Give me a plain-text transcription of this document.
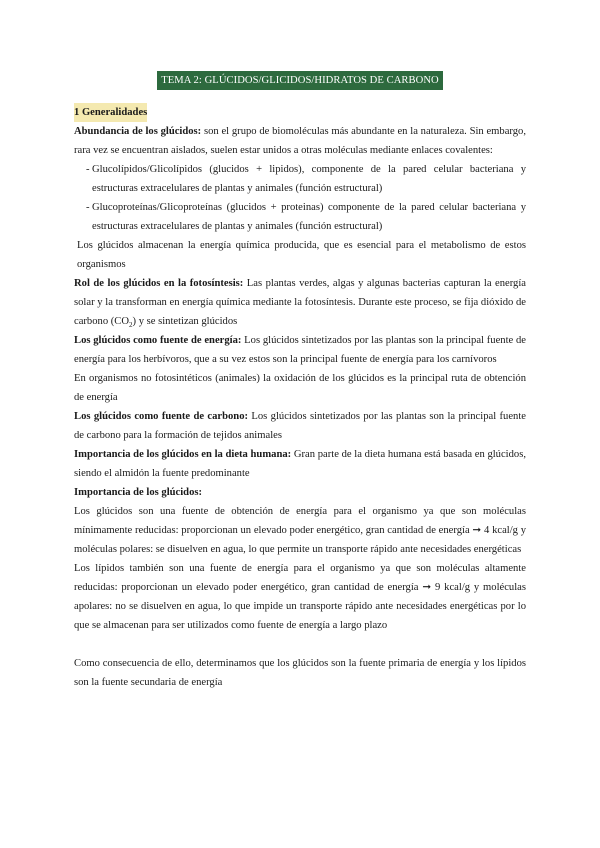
TEMA 2: GLÚCIDOS/GLICIDOS/HIDRATOS DE CARBONO
1 Generalidades

Abundancia de los glúcidos: son el grupo de biomoléculas más abundante en la naturaleza. Sin embargo, rara vez se encuentran aislados, suelen estar unidos a otras moléculas mediante enlaces covalentes:

- Glucolípidos/Glicolípidos (glucidos + lipidos), componente de la pared celular bacteriana y estructuras extracelulares de plantas y animales (función estructural)
- Glucoproteínas/Glicoproteínas (glucidos + proteinas) componente de la pared celular bacteriana y estructuras extracelulares de plantas y animales (función estructural)

Los glúcidos almacenan la energía química producida, que es esencial para el metabolismo de estos organismos

Rol de los glúcidos en la fotosíntesis: Las plantas verdes, algas y algunas bacterias capturan la energía solar y la transforman en energía química mediante la fotosíntesis. Durante este proceso, se fija dióxido de carbono $(CO_2)$ y se sintetizan glúcidos

Los glúcidos como fuente de energía: Los glúcidos sintetizados por las plantas son la principal fuente de energía para los herbívoros, que a su vez estos son la principal fuente de energía para los carnívoros

En organismos no fotosintéticos (animales) la oxidación de los glúcidos es la principal ruta de obtención de energía

Los glúcidos como fuente de carbono: Los glúcidos sintetizados por las plantas son la principal fuente de carbono para la formación de tejidos animales

Importancia de los glúcidos en la dieta humana: Gran parte de la dieta humana está basada en glúcidos, siendo el almidón la fuente predominante

Importancia de los glúcidos:

Los glúcidos son una fuente de obtención de energía para el organismo ya que son moléculas mínimamente reducidas: proporcionan un elevado poder energético, gran cantidad de energía ➞ 4 kcal/g y moléculas polares: se disuelven en agua, lo que permite un transporte rápido ante necesidades energéticas

Los lípidos también son una fuente de energía para el organismo ya que son moléculas altamente reducidas: proporcionan un elevado poder energético, gran cantidad de energía ➞ 9 kcal/g y moléculas apolares: no se disuelven en agua, lo que impide un transporte rápido ante necesidades energéticas por lo que se almacenan para ser utilizados como fuente de energía a largo plazo

Como consecuencia de ello, determinamos que los glúcidos son la fuente primaria de energía y los lípidos son la fuente secundaria de energía
